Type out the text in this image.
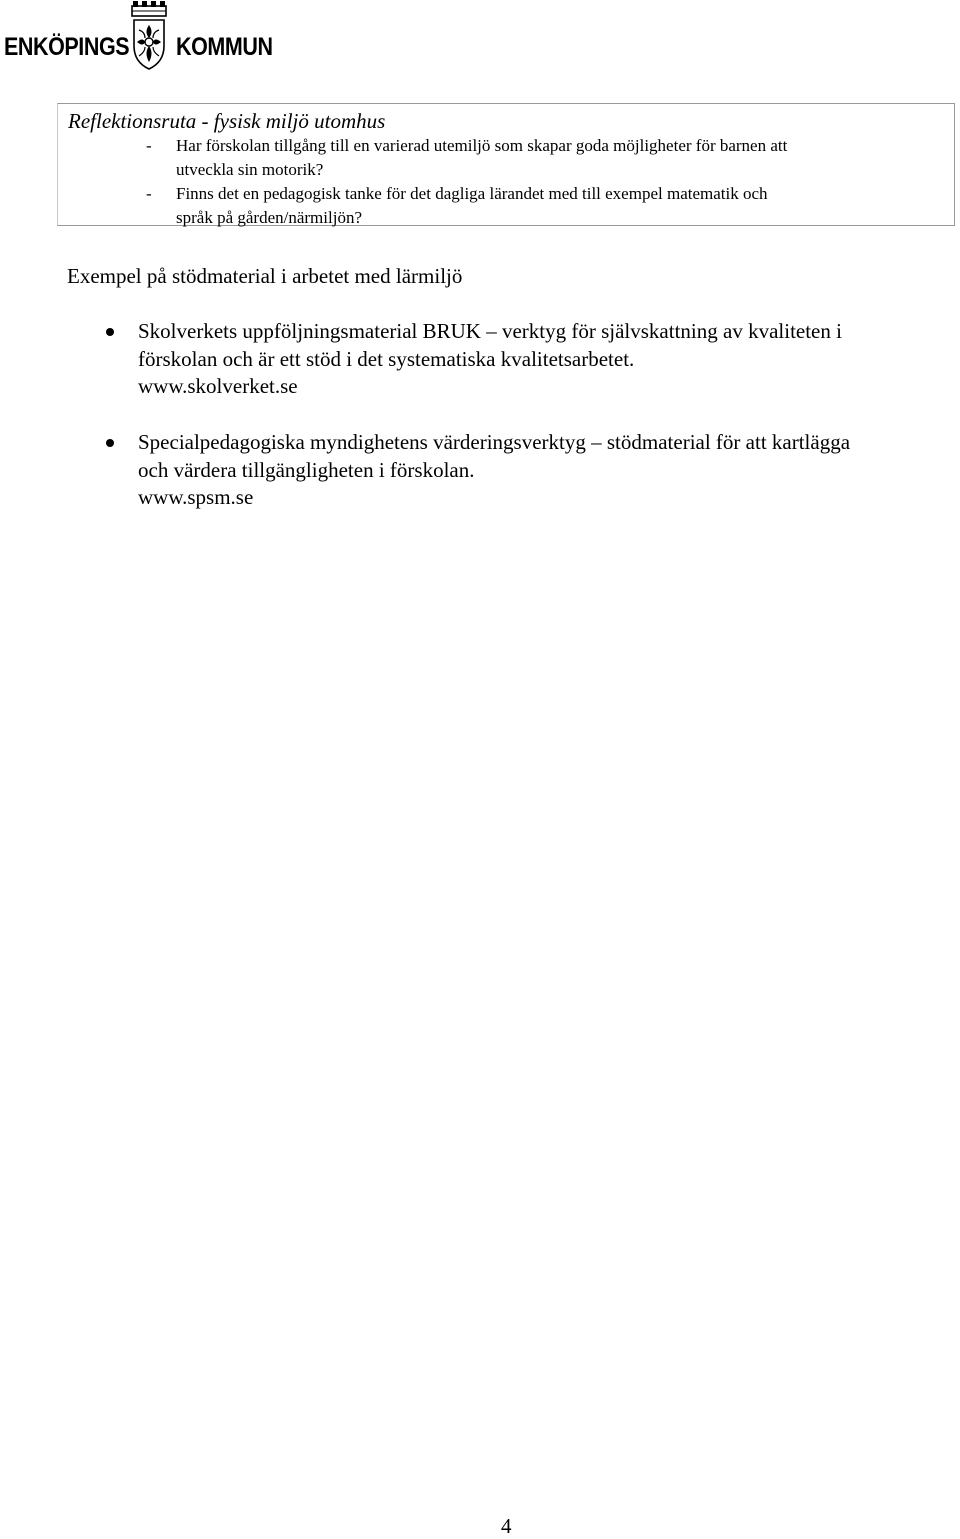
ENKÖPINGS KOMMUN
Reflektionsruta - fysisk miljö utomhus
- Har förskolan tillgång till en varierad utemiljö som skapar goda möjligheter för barnen att
utveckla sin motorik?
- Finns det en pedagogisk tanke för det dagliga lärandet med till exempel matematik och
språk på gården/närmiljön?
Exempel på stödmaterial i arbetet med lärmiljö
Skolverkets uppföljningsmaterial BRUK – verktyg för självskattning av kvaliteten i
förskolan och är ett stöd i det systematiska kvalitetsarbetet.
www.skolverket.se
Specialpedagogiska myndighetens värderingsverktyg – stödmaterial för att kartlägga
och värdera tillgängligheten i förskolan.
www.spsm.se
4
